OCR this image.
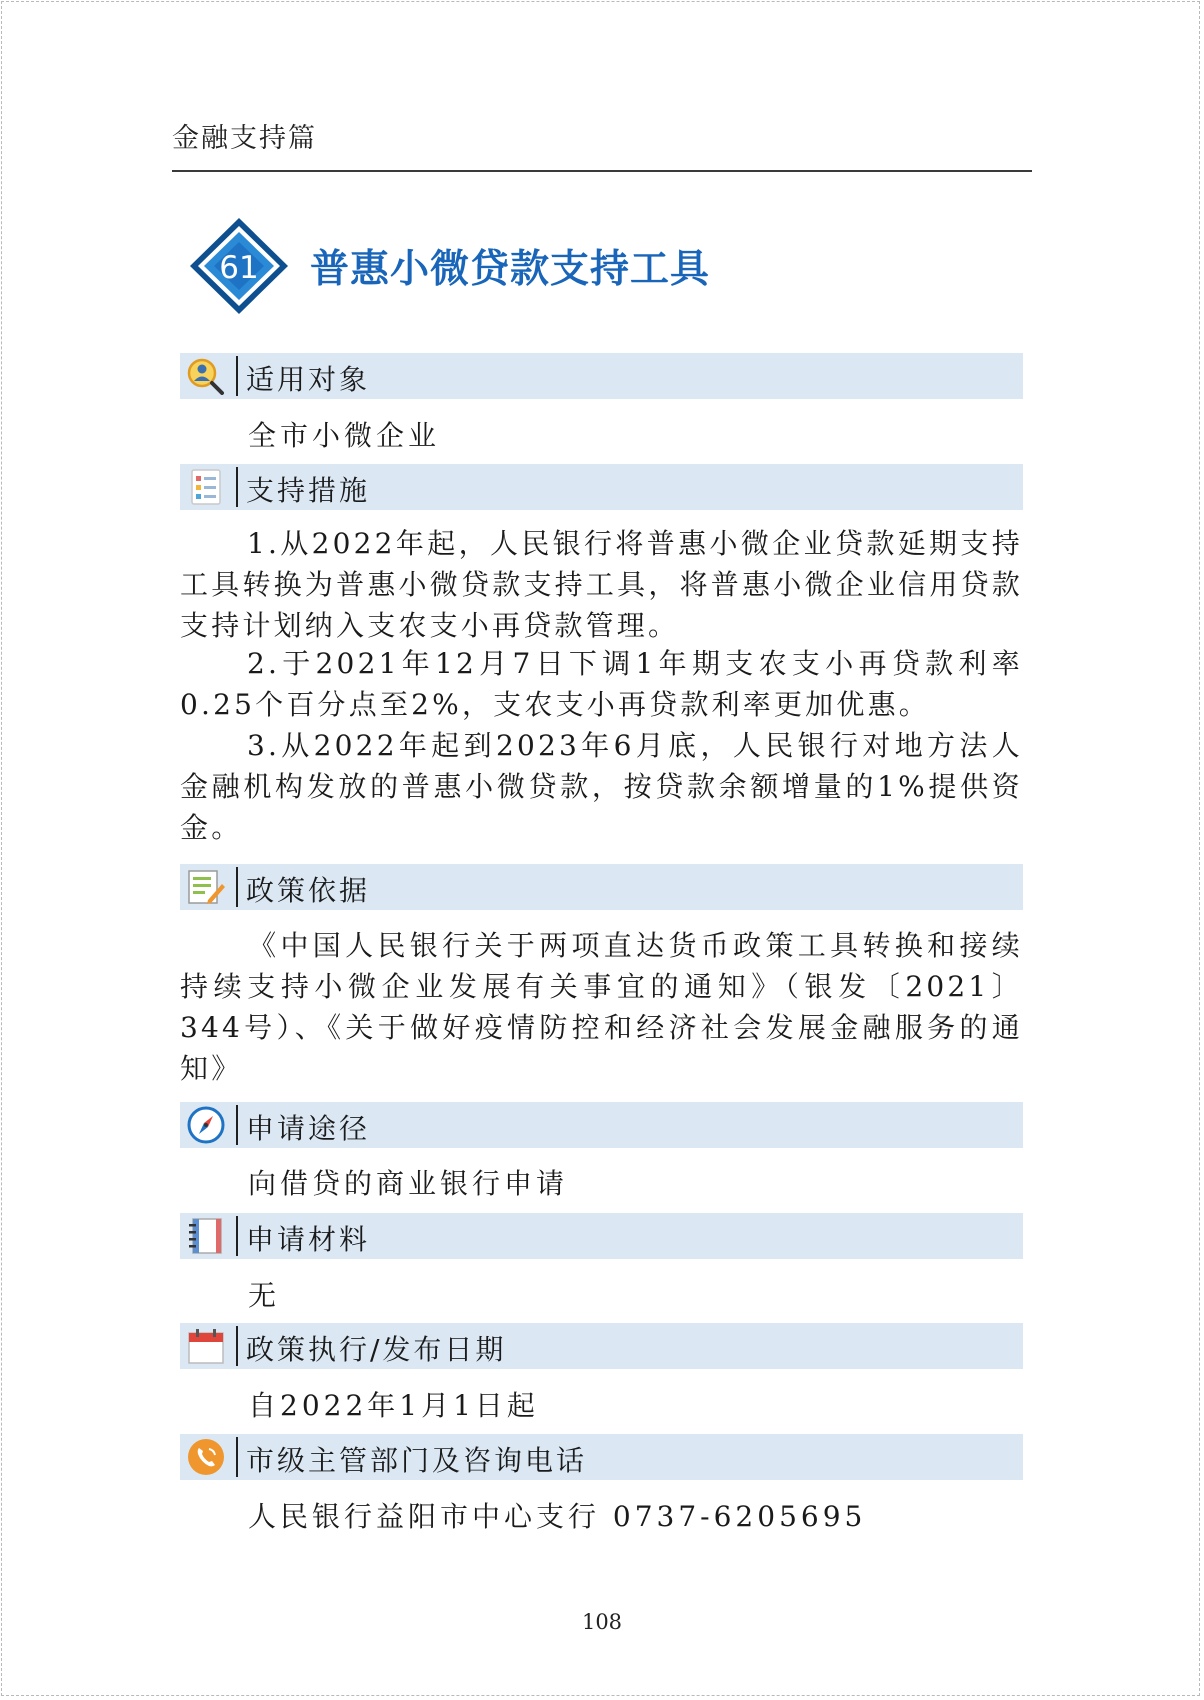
金融支持篇
61 普惠小微贷款支持工具
适用对象
全市小微企业
支持措施

1.从2022年起，人民银行将普惠小微企业贷款延期支持工具转换为普惠小微贷款支持工具，将普惠小微企业信用贷款支持计划纳入支农支小再贷款管理。

2.于2021年12月7日下调1年期支农支小再贷款利率0.25个百分点至2%，支农支小再贷款利率更加优惠。

3.从2022年起到2023年6月底，人民银行对地方法人金融机构发放的普惠小微贷款，按贷款余额增量的1%提供资金。

政策依据

《中国人民银行关于两项直达货币政策工具转换和接续持续支持小微企业发展有关事宜的通知》（银发〔2021〕344号）、《关于做好疫情防控和经济社会发展金融服务的通知》

申请途径
向借贷的商业银行申请
申请材料
无
政策执行/发布日期
自2022年1月1日起
市级主管部门及咨询电话
人民银行益阳市中心支行 0737-6205695
108
